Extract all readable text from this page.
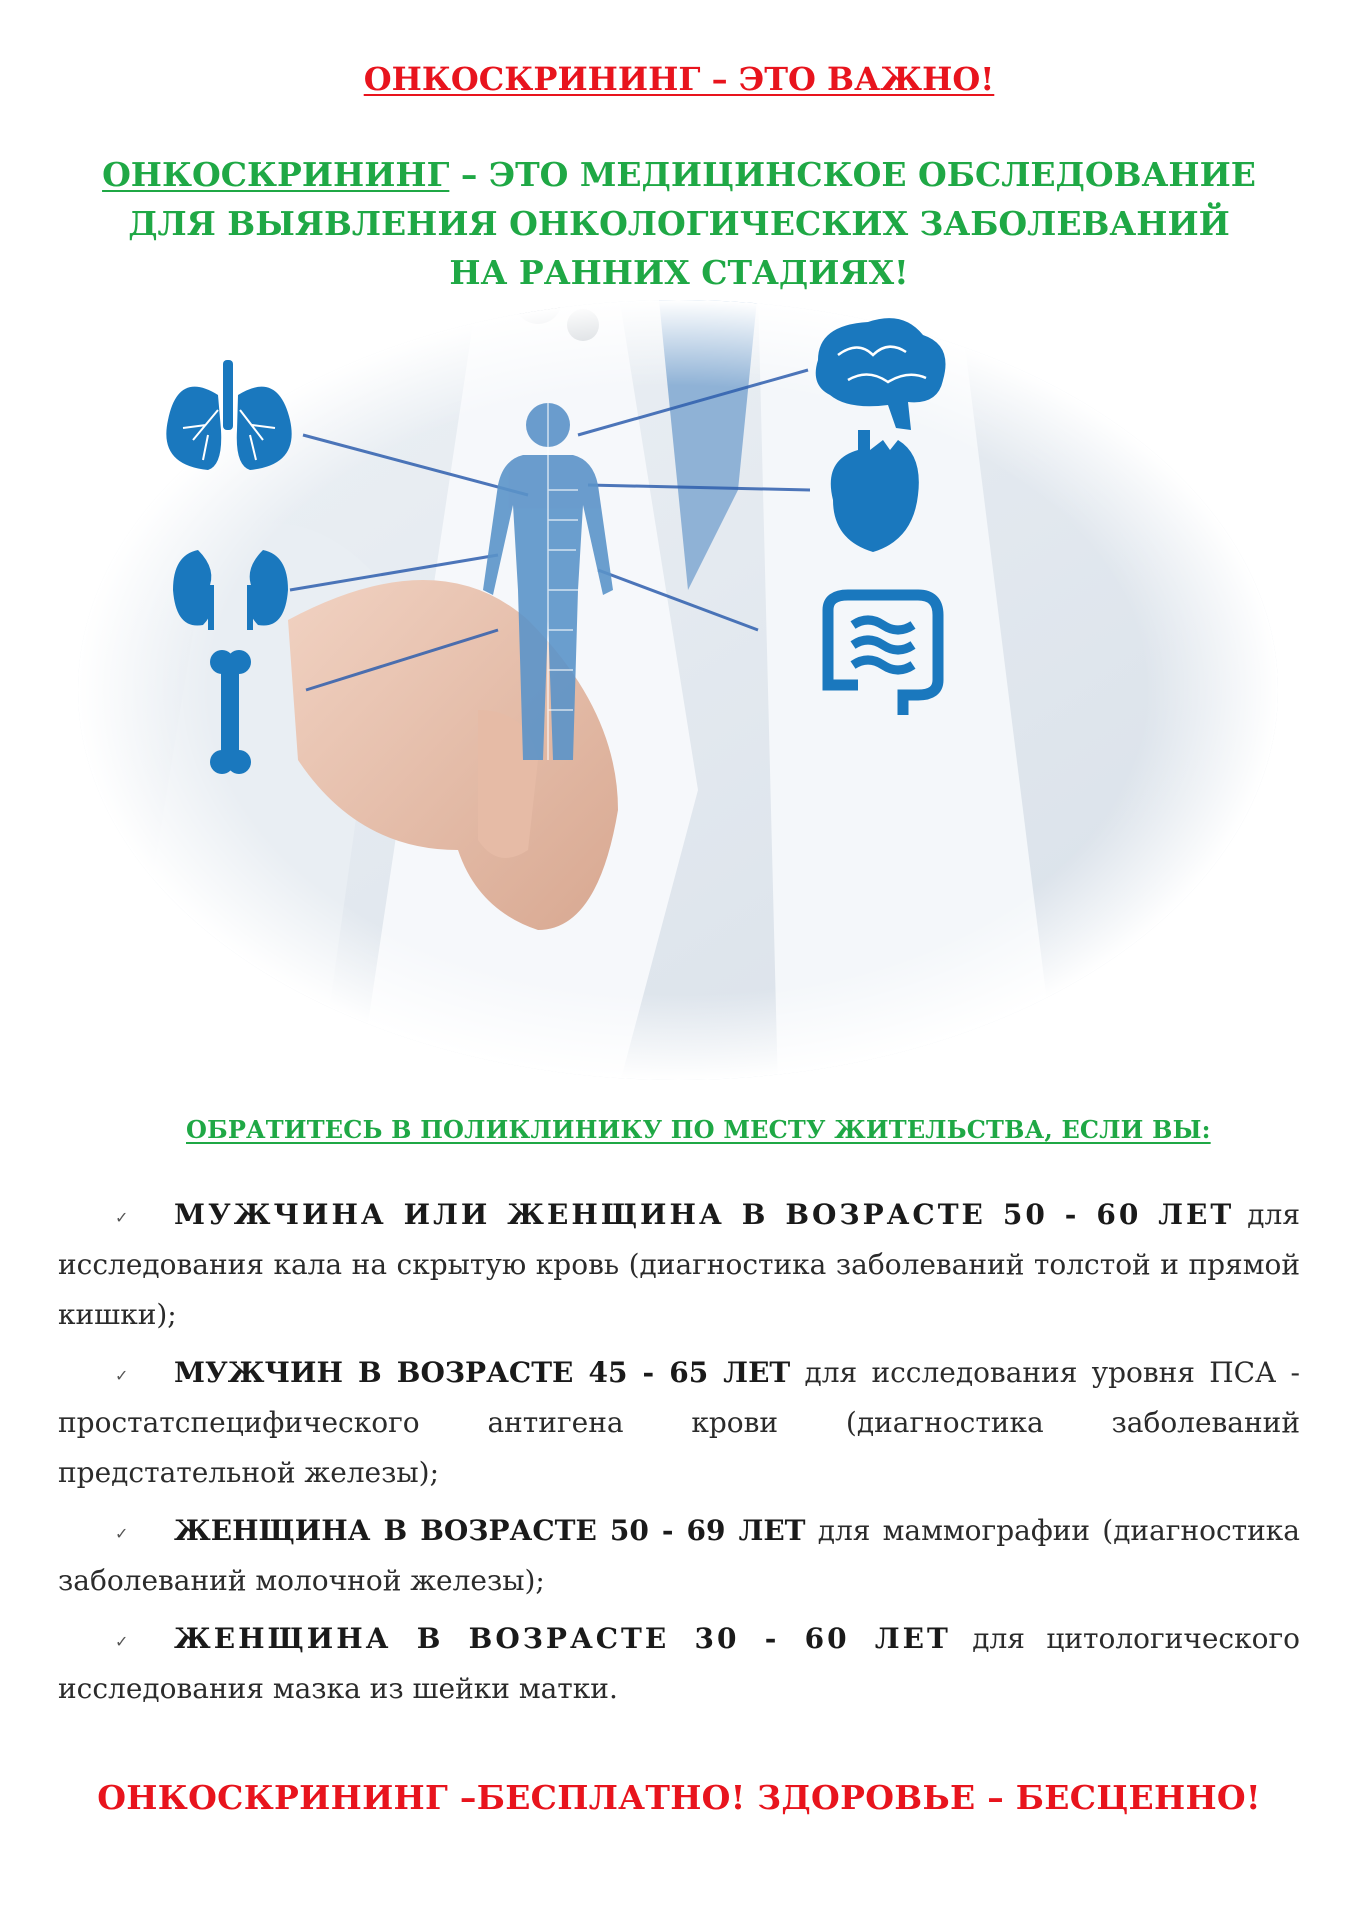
ОНКОСКРИНИНГ – ЭТО ВАЖНО!
ОНКОСКРИНИНГ – ЭТО МЕДИЦИНСКОЕ ОБСЛЕДОВАНИЕ
ДЛЯ ВЫЯВЛЕНИЯ ОНКОЛОГИЧЕСКИХ ЗАБОЛЕВАНИЙ
НА РАННИХ СТАДИЯХ!
ОБРАТИТЕСЬ В ПОЛИКЛИНИКУ ПО МЕСТУ ЖИТЕЛЬСТВА, ЕСЛИ ВЫ:
✓ МУЖЧИНА ИЛИ ЖЕНЩИНА В ВОЗРАСТЕ 50 - 60 ЛЕТ для исследования кала на скрытую кровь (диагностика заболеваний толстой и прямой кишки);
✓ МУЖЧИН В ВОЗРАСТЕ 45 - 65 ЛЕТ для исследования уровня ПСА - простатспецифического антигена крови (диагностика заболеваний предстательной железы);
✓ ЖЕНЩИНА В ВОЗРАСТЕ 50 - 69 ЛЕТ для маммографии (диагностика заболеваний молочной железы);
✓ ЖЕНЩИНА В ВОЗРАСТЕ 30 - 60 ЛЕТ для цитологического исследования мазка из шейки матки.
ОНКОСКРИНИНГ –БЕСПЛАТНО! ЗДОРОВЬЕ – БЕСЦЕННО!
